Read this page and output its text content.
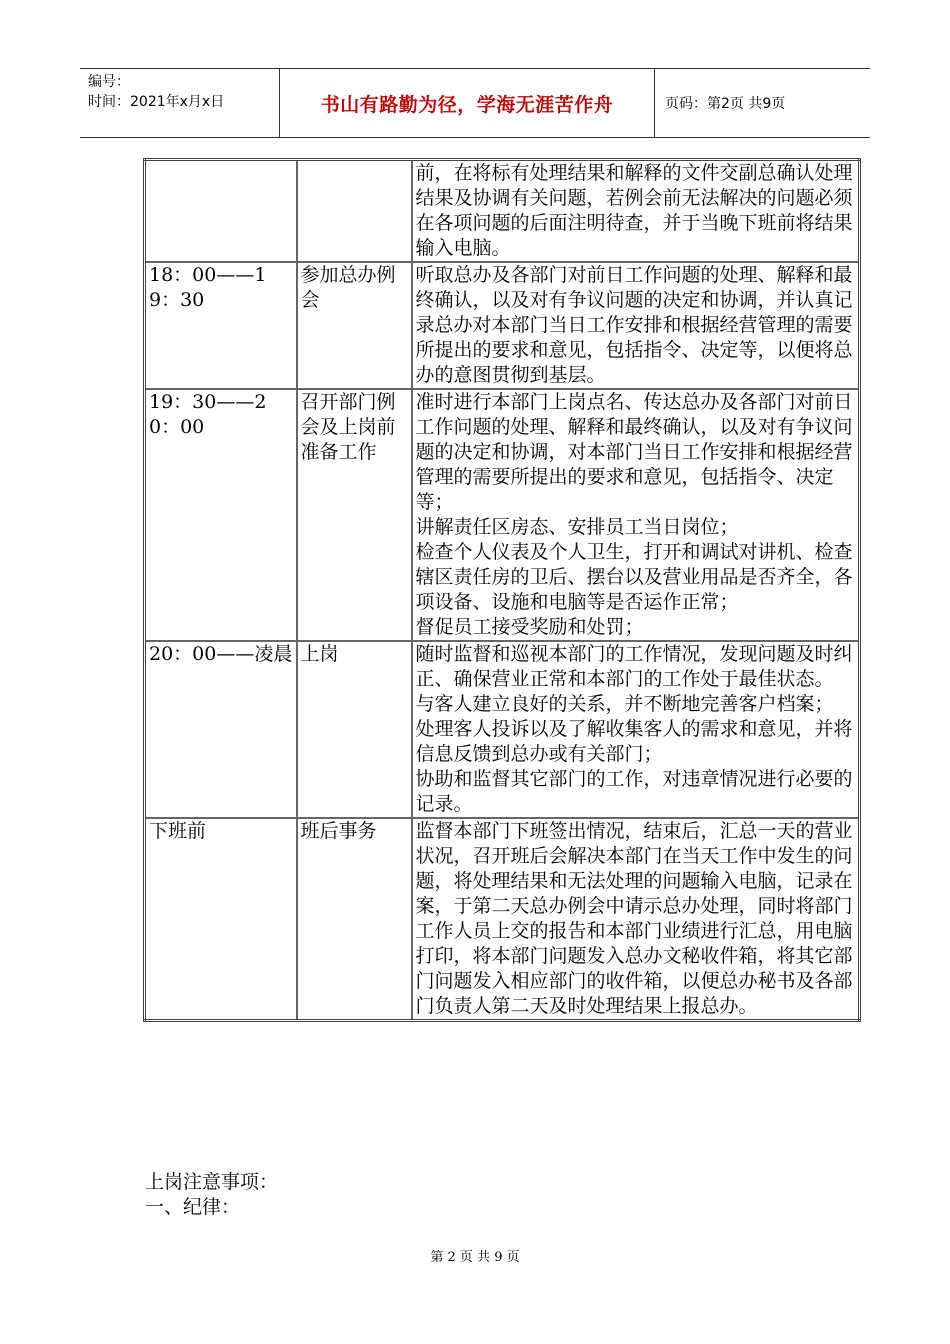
编号：
时间：2021年x月x日	书山有路勤为径，学海无涯苦作舟	页码：第2页 共9页

		前，在将标有处理结果和解释的文件交副总确认处理结果及协调有关问题，若例会前无法解决的问题必须在各项问题的后面注明待查，并于当晚下班前将结果输入电脑。

18：00——19：30	参加总办例会	听取总办及各部门对前日工作问题的处理、解释和最终确认，以及对有争议问题的决定和协调，并认真记录总办对本部门当日工作安排和根据经营管理的需要所提出的要求和意见，包括指令、决定等，以便将总办的意图贯彻到基层。

19：30——20：00	召开部门例会及上岗前准备工作	准时进行本部门上岗点名、传达总办及各部门对前日工作问题的处理、解释和最终确认，以及对有争议问题的决定和协调，对本部门当日工作安排和根据经营管理的需要所提出的要求和意见，包括指令、决定等；
讲解责任区房态、安排员工当日岗位；
检查个人仪表及个人卫生，打开和调试对讲机、检查辖区责任房的卫后、摆台以及营业用品是否齐全，各项设备、设施和电脑等是否运作正常；
督促员工接受奖励和处罚；

20：00——凌晨	上岗	随时监督和巡视本部门的工作情况，发现问题及时纠正、确保营业正常和本部门的工作处于最佳状态。
与客人建立良好的关系，并不断地完善客户档案；
处理客人投诉以及了解收集客人的需求和意见，并将信息反馈到总办或有关部门；
协助和监督其它部门的工作，对违章情况进行必要的记录。

下班前	班后事务	监督本部门下班签出情况，结束后，汇总一天的营业状况，召开班后会解决本部门在当天工作中发生的问题，将处理结果和无法处理的问题输入电脑，记录在案，于第二天总办例会中请示总办处理，同时将部门工作人员上交的报告和本部门业绩进行汇总，用电脑打印，将本部门问题发入总办文秘收件箱，将其它部门问题发入相应部门的收件箱，以便总办秘书及各部门负责人第二天及时处理结果上报总办。
上岗注意事项：
一、纪律：
第 2 页 共 9 页
